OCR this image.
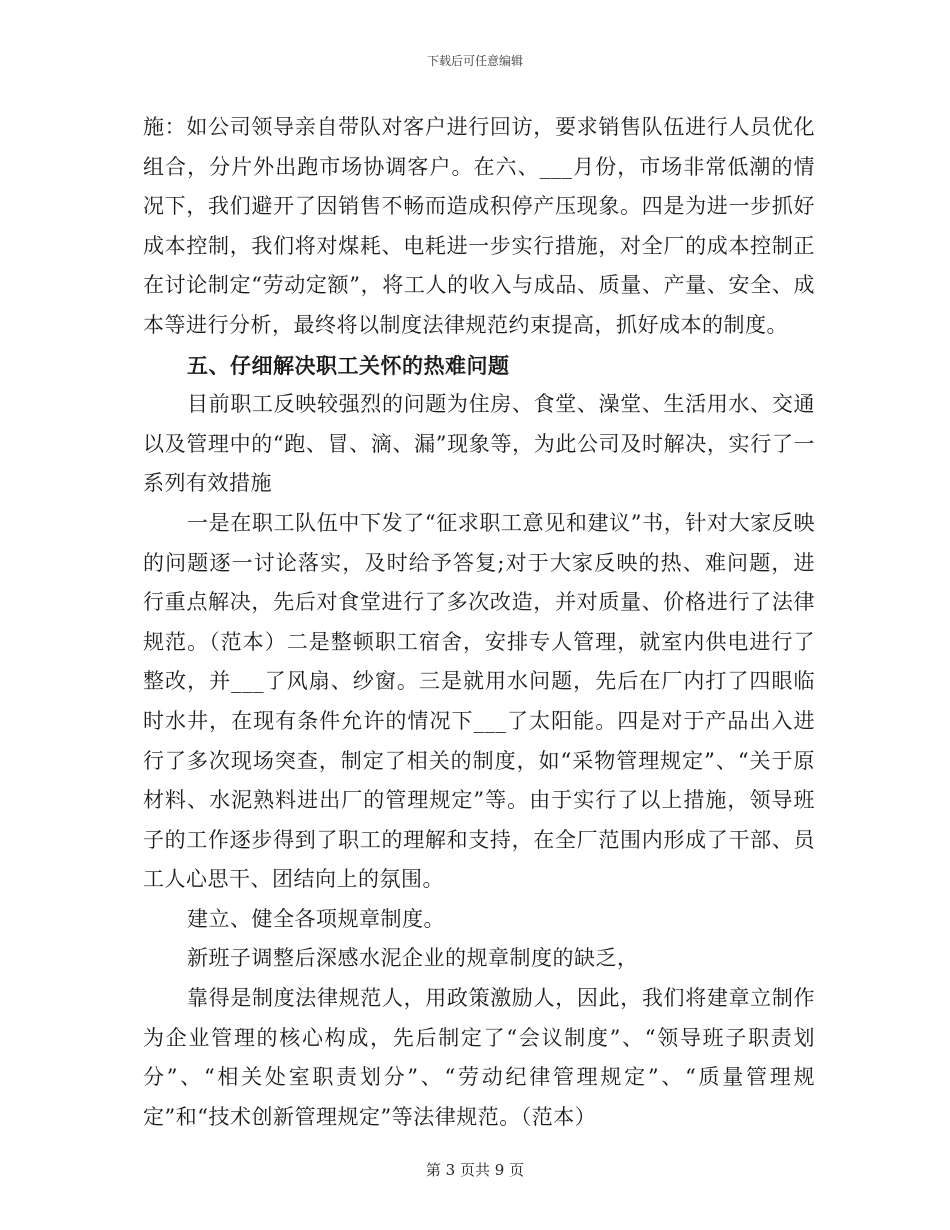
下载后可任意编辑

施：如公司领导亲自带队对客户进行回访，要求销售队伍进行人员优化组合，分片外出跑市场协调客户。在六、___月份，市场非常低潮的情况下，我们避开了因销售不畅而造成积停产压现象。四是为进一步抓好成本控制，我们将对煤耗、电耗进一步实行措施，对全厂的成本控制正在讨论制定“劳动定额”，将工人的收入与成品、质量、产量、安全、成本等进行分析，最终将以制度法律规范约束提高，抓好成本的制度。

五、仔细解决职工关怀的热难问题

目前职工反映较强烈的问题为住房、食堂、澡堂、生活用水、交通以及管理中的“跑、冒、滴、漏”现象等，为此公司及时解决，实行了一系列有效措施

一是在职工队伍中下发了“征求职工意见和建议”书，针对大家反映的问题逐一讨论落实，及时给予答复;对于大家反映的热、难问题，进行重点解决，先后对食堂进行了多次改造，并对质量、价格进行了法律规范。（范本）二是整顿职工宿舍，安排专人管理，就室内供电进行了整改，并___了风扇、纱窗。三是就用水问题，先后在厂内打了四眼临时水井，在现有条件允许的情况下___了太阳能。四是对于产品出入进行了多次现场突查，制定了相关的制度，如“采物管理规定”、“关于原材料、水泥熟料进出厂的管理规定”等。由于实行了以上措施，领导班子的工作逐步得到了职工的理解和支持，在全厂范围内形成了干部、员工人心思干、团结向上的氛围。

建立、健全各项规章制度。

新班子调整后深感水泥企业的规章制度的缺乏，

靠得是制度法律规范人，用政策激励人，因此，我们将建章立制作为企业管理的核心构成，先后制定了“会议制度”、“领导班子职责划分”、“相关处室职责划分”、“劳动纪律管理规定”、“质量管理规定”和“技术创新管理规定”等法律规范。（范本）

第 3 页共 9 页
